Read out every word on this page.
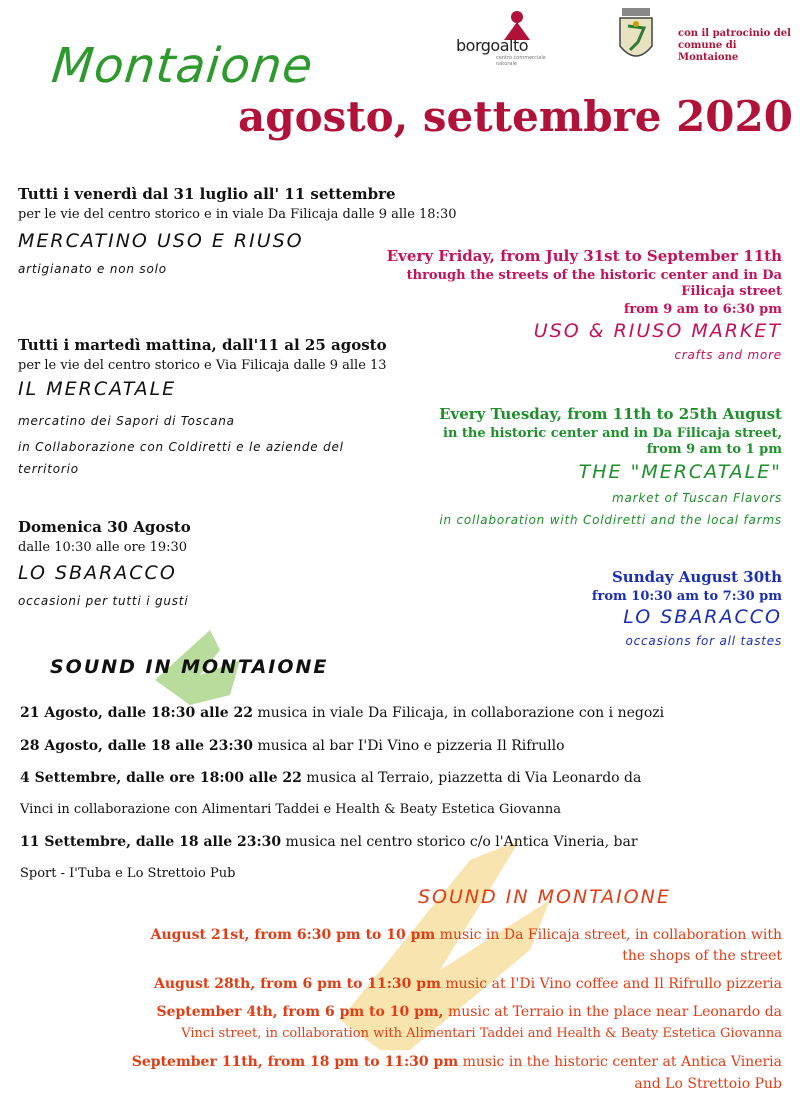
Montaione
agosto, settembre 2020
borgoalto
centro commerciale naturale
con il patrocinio del
comune di Montaione
Tutti i venerdì dal 31 luglio all' 11 settembre
per le vie del centro storico e in viale Da Filicaja dalle 9 alle 18:30
MERCATINO USO E RIUSO
artigianato e non solo
Tutti i martedì mattina, dall'11 al 25 agosto
per le vie del centro storico e Via Filicaja dalle 9 alle 13
IL MERCATALE
mercatino dei Sapori di Toscana
in Collaborazione con Coldiretti e le aziende del
territorio
Domenica 30 Agosto
dalle 10:30 alle ore 19:30
LO SBARACCO
occasioni per tutti i gusti
Every Friday, from July 31st to September 11th
through the streets of the historic center and in Da
Filicaja street
from 9 am to 6:30 pm
USO & RIUSO MARKET
crafts and more
Every Tuesday, from 11th to 25th August
in the historic center and in Da Filicaja street,
from 9 am to 1 pm
THE "MERCATALE"
market of Tuscan Flavors
in collaboration with Coldiretti and the local farms
Sunday August 30th
from 10:30 am to 7:30 pm
LO SBARACCO
occasions for all tastes
SOUND IN MONTAIONE
21 Agosto, dalle 18:30 alle 22 musica in viale Da Filicaja, in collaborazione con i negozi
28 Agosto, dalle 18 alle 23:30 musica al bar I'Di Vino e pizzeria Il Rifrullo
4 Settembre, dalle ore 18:00 alle 22 musica al Terraio, piazzetta di Via Leonardo da
Vinci in collaborazione con Alimentari Taddei e Health & Beaty Estetica Giovanna
11 Settembre, dalle 18 alle 23:30 musica nel centro storico c/o l'Antica Vineria, bar
Sport - I'Tuba e Lo Strettoio Pub
SOUND IN MONTAIONE
August 21st, from 6:30 pm to 10 pm music in Da Filicaja street, in collaboration with
the shops of the street
August 28th, from 6 pm to 11:30 pm music at I'Di Vino coffee and Il Rifrullo pizzeria
September 4th, from 6 pm to 10 pm, music at Terraio in the place near Leonardo da
Vinci street, in collaboration with Alimentari Taddei and Health & Beaty Estetica Giovanna
September 11th, from 18 pm to 11:30 pm music in the historic center at Antica Vineria
and Lo Strettoio Pub
